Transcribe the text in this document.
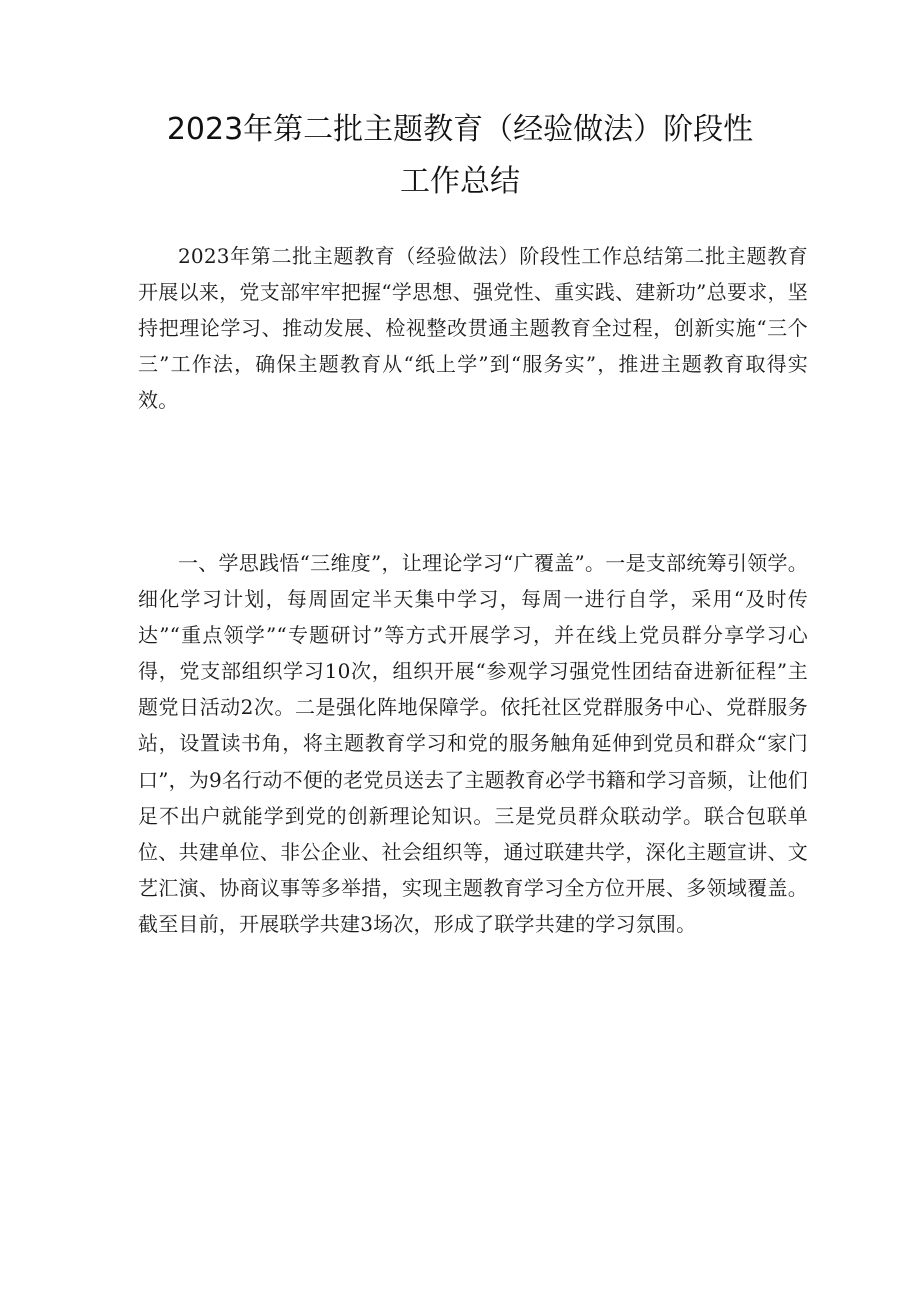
2023年第二批主题教育（经验做法）阶段性
工作总结

2023年第二批主题教育（经验做法）阶段性工作总结第二批主题教育开展以来，党支部牢牢把握“学思想、强党性、重实践、建新功”总要求，坚持把理论学习、推动发展、检视整改贯通主题教育全过程，创新实施“三个三”工作法，确保主题教育从“纸上学”到“服务实”，推进主题教育取得实效。

一、学思践悟“三维度”，让理论学习“广覆盖”。一是支部统筹引领学。细化学习计划，每周固定半天集中学习，每周一进行自学，采用“及时传达”“重点领学”“专题研讨”等方式开展学习，并在线上党员群分享学习心得，党支部组织学习10次，组织开展“参观学习强党性团结奋进新征程”主题党日活动2次。二是强化阵地保障学。依托社区党群服务中心、党群服务站，设置读书角，将主题教育学习和党的服务触角延伸到党员和群众“家门口”，为9名行动不便的老党员送去了主题教育必学书籍和学习音频，让他们足不出户就能学到党的创新理论知识。三是党员群众联动学。联合包联单位、共建单位、非公企业、社会组织等，通过联建共学，深化主题宣讲、文艺汇演、协商议事等多举措，实现主题教育学习全方位开展、多领域覆盖。截至目前，开展联学共建3场次，形成了联学共建的学习氛围。
